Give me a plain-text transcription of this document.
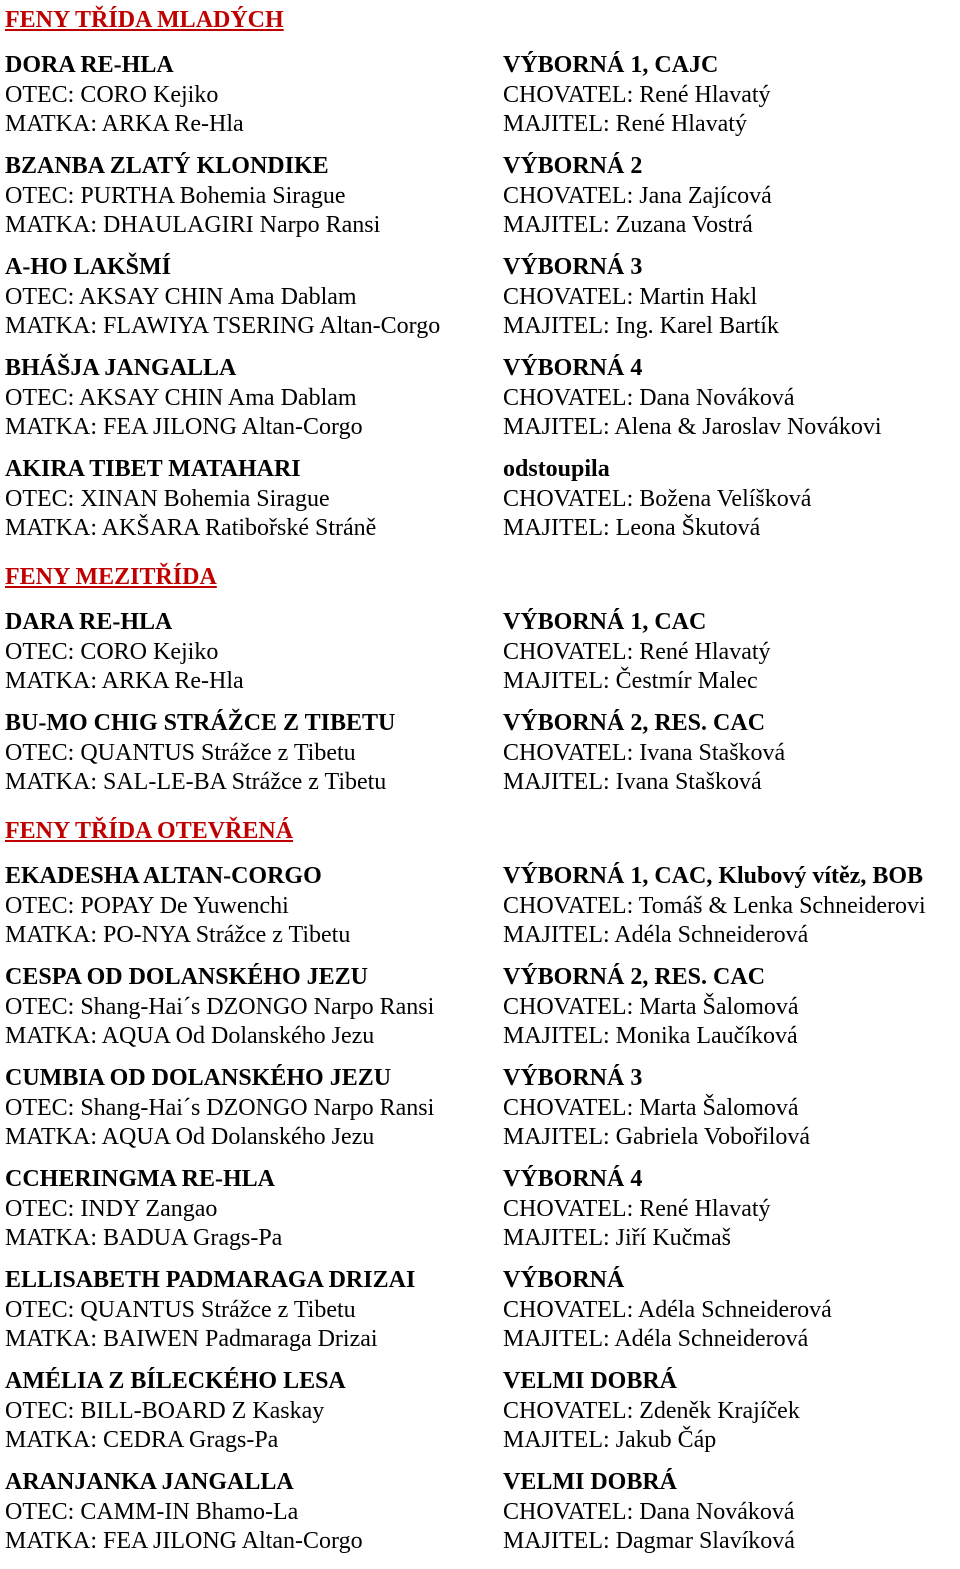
FENY TŘÍDA MLADÝCH
DORA RE-HLA
OTEC: CORO Kejiko
MATKA: ARKA Re-Hla
VÝBORNÁ 1, CAJC
CHOVATEL: René Hlavatý
MAJITEL: René Hlavatý
BZANBA ZLATÝ KLONDIKE
OTEC: PURTHA Bohemia Sirague
MATKA: DHAULAGIRI Narpo Ransi
VÝBORNÁ 2
CHOVATEL: Jana Zajícová
MAJITEL: Zuzana Vostrá
A-HO LAKŠMÍ
OTEC: AKSAY CHIN Ama Dablam
MATKA: FLAWIYA TSERING Altan-Corgo
VÝBORNÁ 3
CHOVATEL: Martin Hakl
MAJITEL: Ing. Karel Bartík
BHÁŠJA JANGALLA
OTEC: AKSAY CHIN Ama Dablam
MATKA: FEA JILONG Altan-Corgo
VÝBORNÁ 4
CHOVATEL: Dana Nováková
MAJITEL: Alena & Jaroslav Novákovi
AKIRA TIBET MATAHARI
OTEC: XINAN Bohemia Sirague
MATKA: AKŠARA Ratibořské Stráně
odstoupila
CHOVATEL: Božena Velíšková
MAJITEL: Leona Škutová
FENY MEZITŘÍDA
DARA RE-HLA
OTEC: CORO Kejiko
MATKA: ARKA Re-Hla
VÝBORNÁ 1, CAC
CHOVATEL: René Hlavatý
MAJITEL: Čestmír Malec
BU-MO CHIG STRÁŽCE Z TIBETU
OTEC: QUANTUS Strážce z Tibetu
MATKA: SAL-LE-BA Strážce z Tibetu
VÝBORNÁ 2, RES. CAC
CHOVATEL: Ivana Stašková
MAJITEL: Ivana Stašková
FENY TŘÍDA OTEVŘENÁ
EKADESHA ALTAN-CORGO
OTEC: POPAY De Yuwenchi
MATKA: PO-NYA Strážce z Tibetu
VÝBORNÁ 1, CAC, Klubový vítěz, BOB
CHOVATEL: Tomáš & Lenka Schneiderovi
MAJITEL: Adéla Schneiderová
CESPA OD DOLANSKÉHO JEZU
OTEC: Shang-Hai´s DZONGO Narpo Ransi
MATKA: AQUA Od Dolanského Jezu
VÝBORNÁ 2, RES. CAC
CHOVATEL: Marta Šalomová
MAJITEL: Monika Laučíková
CUMBIA OD DOLANSKÉHO JEZU
OTEC: Shang-Hai´s DZONGO Narpo Ransi
MATKA: AQUA Od Dolanského Jezu
VÝBORNÁ 3
CHOVATEL: Marta Šalomová
MAJITEL: Gabriela Vobořilová
CCHERINGMA RE-HLA
OTEC: INDY Zangao
MATKA: BADUA Grags-Pa
VÝBORNÁ 4
CHOVATEL: René Hlavatý
MAJITEL: Jiří Kučmaš
ELLISABETH PADMARAGA DRIZAI
OTEC: QUANTUS Strážce z Tibetu
MATKA: BAIWEN Padmaraga Drizai
VÝBORNÁ
CHOVATEL: Adéla Schneiderová
MAJITEL: Adéla Schneiderová
AMÉLIA Z BÍLECKÉHO LESA
OTEC: BILL-BOARD Z Kaskay
MATKA: CEDRA Grags-Pa
VELMI DOBRÁ
CHOVATEL: Zdeněk Krajíček
MAJITEL: Jakub Čáp
ARANJANKA JANGALLA
OTEC: CAMM-IN Bhamo-La
MATKA: FEA JILONG Altan-Corgo
VELMI DOBRÁ
CHOVATEL: Dana Nováková
MAJITEL: Dagmar Slavíková
